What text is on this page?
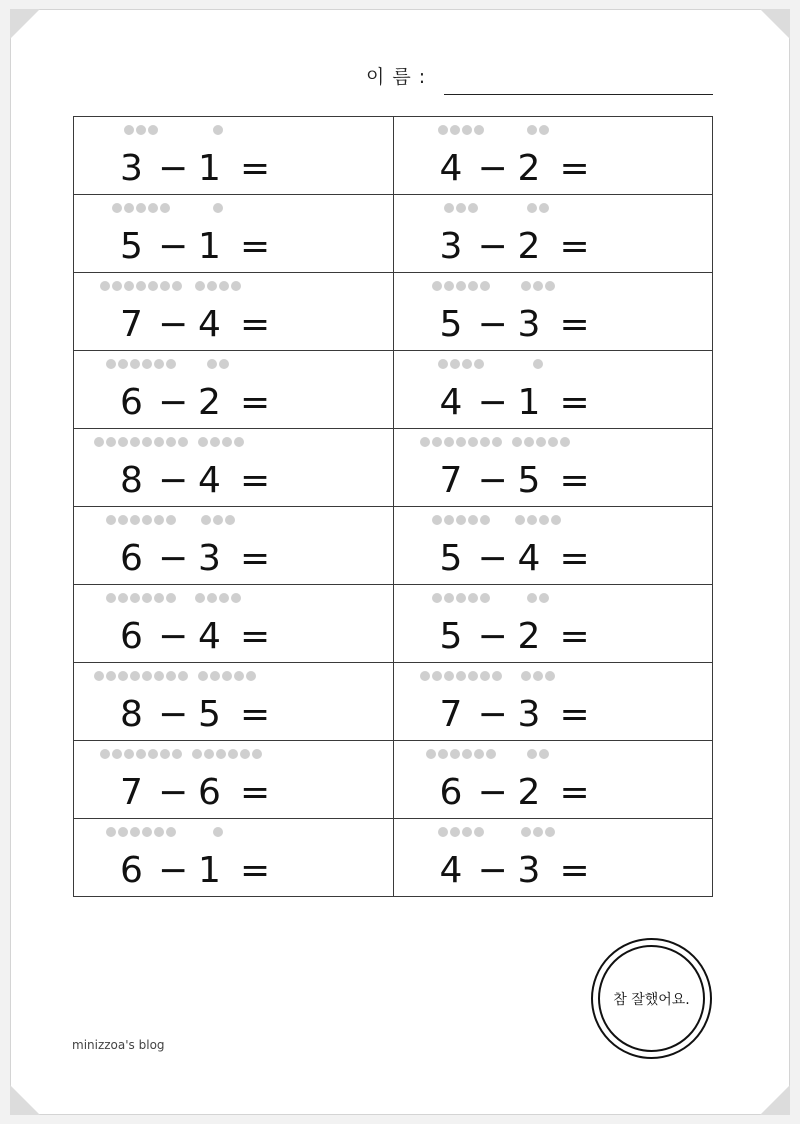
이 름 :
3 − 1 =	4 − 2 =

5 − 1 =	3 − 2 =

7 − 4 =	5 − 3 =

6 − 2 =	4 − 1 =

8 − 4 =	7 − 5 =

6 − 3 =	5 − 4 =

6 − 4 =	5 − 2 =

8 − 5 =	7 − 3 =

7 − 6 =	6 − 2 =

6 − 1 =	4 − 3 =
참 잘했어요.
minizzoa's blog
